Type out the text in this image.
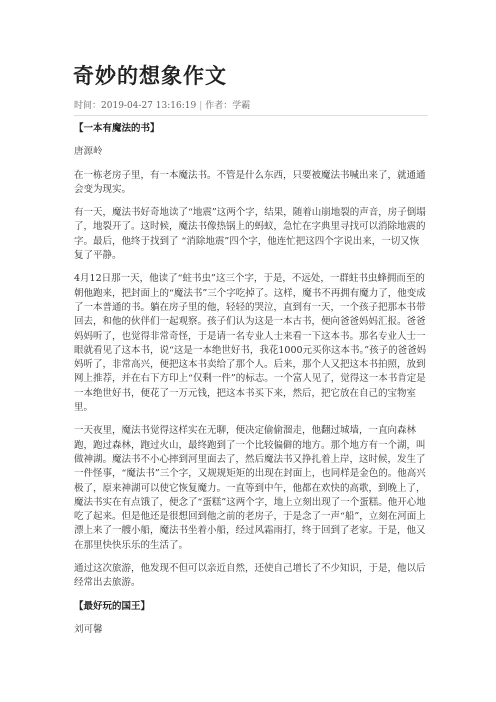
奇妙的想象作文
时间：2019-04-27 13:16:19 | 作者：学霸

【一本有魔法的书】

唐源岭

在一栋老房子里，有一本魔法书。不管是什么东西，只要被魔法书喊出来了，就通通会变为现实。

有一天，魔法书好奇地读了“地震”这两个字，结果，随着山崩地裂的声音，房子倒塌了，地裂开了。这时候，魔法书像热锅上的蚂蚁，急忙在字典里寻找可以消除地震的字。最后，他终于找到了 “消除地震”四个字，他连忙把这四个字说出来，一切又恢复了平静。

4月12日那一天，他读了“蛀书虫”这三个字，于是，不远处，一群蛀书虫蜂拥而至的朝他跑来，把封面上的“魔法书”三个字吃掉了。这样，魔书不再拥有魔力了，他变成了一本普通的书。躺在房子里的他，轻轻的哭泣，直到有一天，一个孩子把那本书带回去，和他的伙伴们一起观察。孩子们认为这是一本古书，便向爸爸妈妈汇报。爸爸妈妈听了，也觉得非常奇怪，于是请一名专业人士来看一下这本书。那名专业人士一眼就看见了这本书，说“这是一本绝世好书，我花1000元买你这本书。”孩子的爸爸妈妈听了，非常高兴，便把这本书卖给了那个人。后来，那个人又把这本书拍照，放到网上推荐，并在右下方印上“仅剩一件”的标志。一个富人见了，觉得这一本书肯定是一本绝世好书，便花了一万元钱，把这本书买下来，然后，把它放在自己的宝物室里。

一天夜里，魔法书觉得这样实在无聊，便决定偷偷溜走，他翻过城墙，一直向森林跑，跑过森林，跑过火山，最终跑到了一个比较偏僻的地方。那个地方有一个湖，叫做神湖。魔法书不小心摔到河里面去了，然后魔法书又挣扎着上岸，这时候，发生了一件怪事，“魔法书”三个字，又规规矩矩的出现在封面上，也同样是金色的。他高兴极了，原来神湖可以使它恢复魔力。一直等到中午，他都在欢快的高歌，到晚上了，魔法书实在有点饿了，便念了“蛋糕”这两个字，地上立刻出现了一个蛋糕。他开心地吃了起来。但是他还是很想回到他之前的老房子，于是念了一声“船”，立刻在河面上漂上来了一艘小船，魔法书坐着小船，经过风霜雨打，终于回到了老家。于是，他又在那里快快乐乐的生活了。

通过这次旅游，他发现不但可以亲近自然，还使自己增长了不少知识，于是，他以后经常出去旅游。

【最好玩的国王】

刘可馨
